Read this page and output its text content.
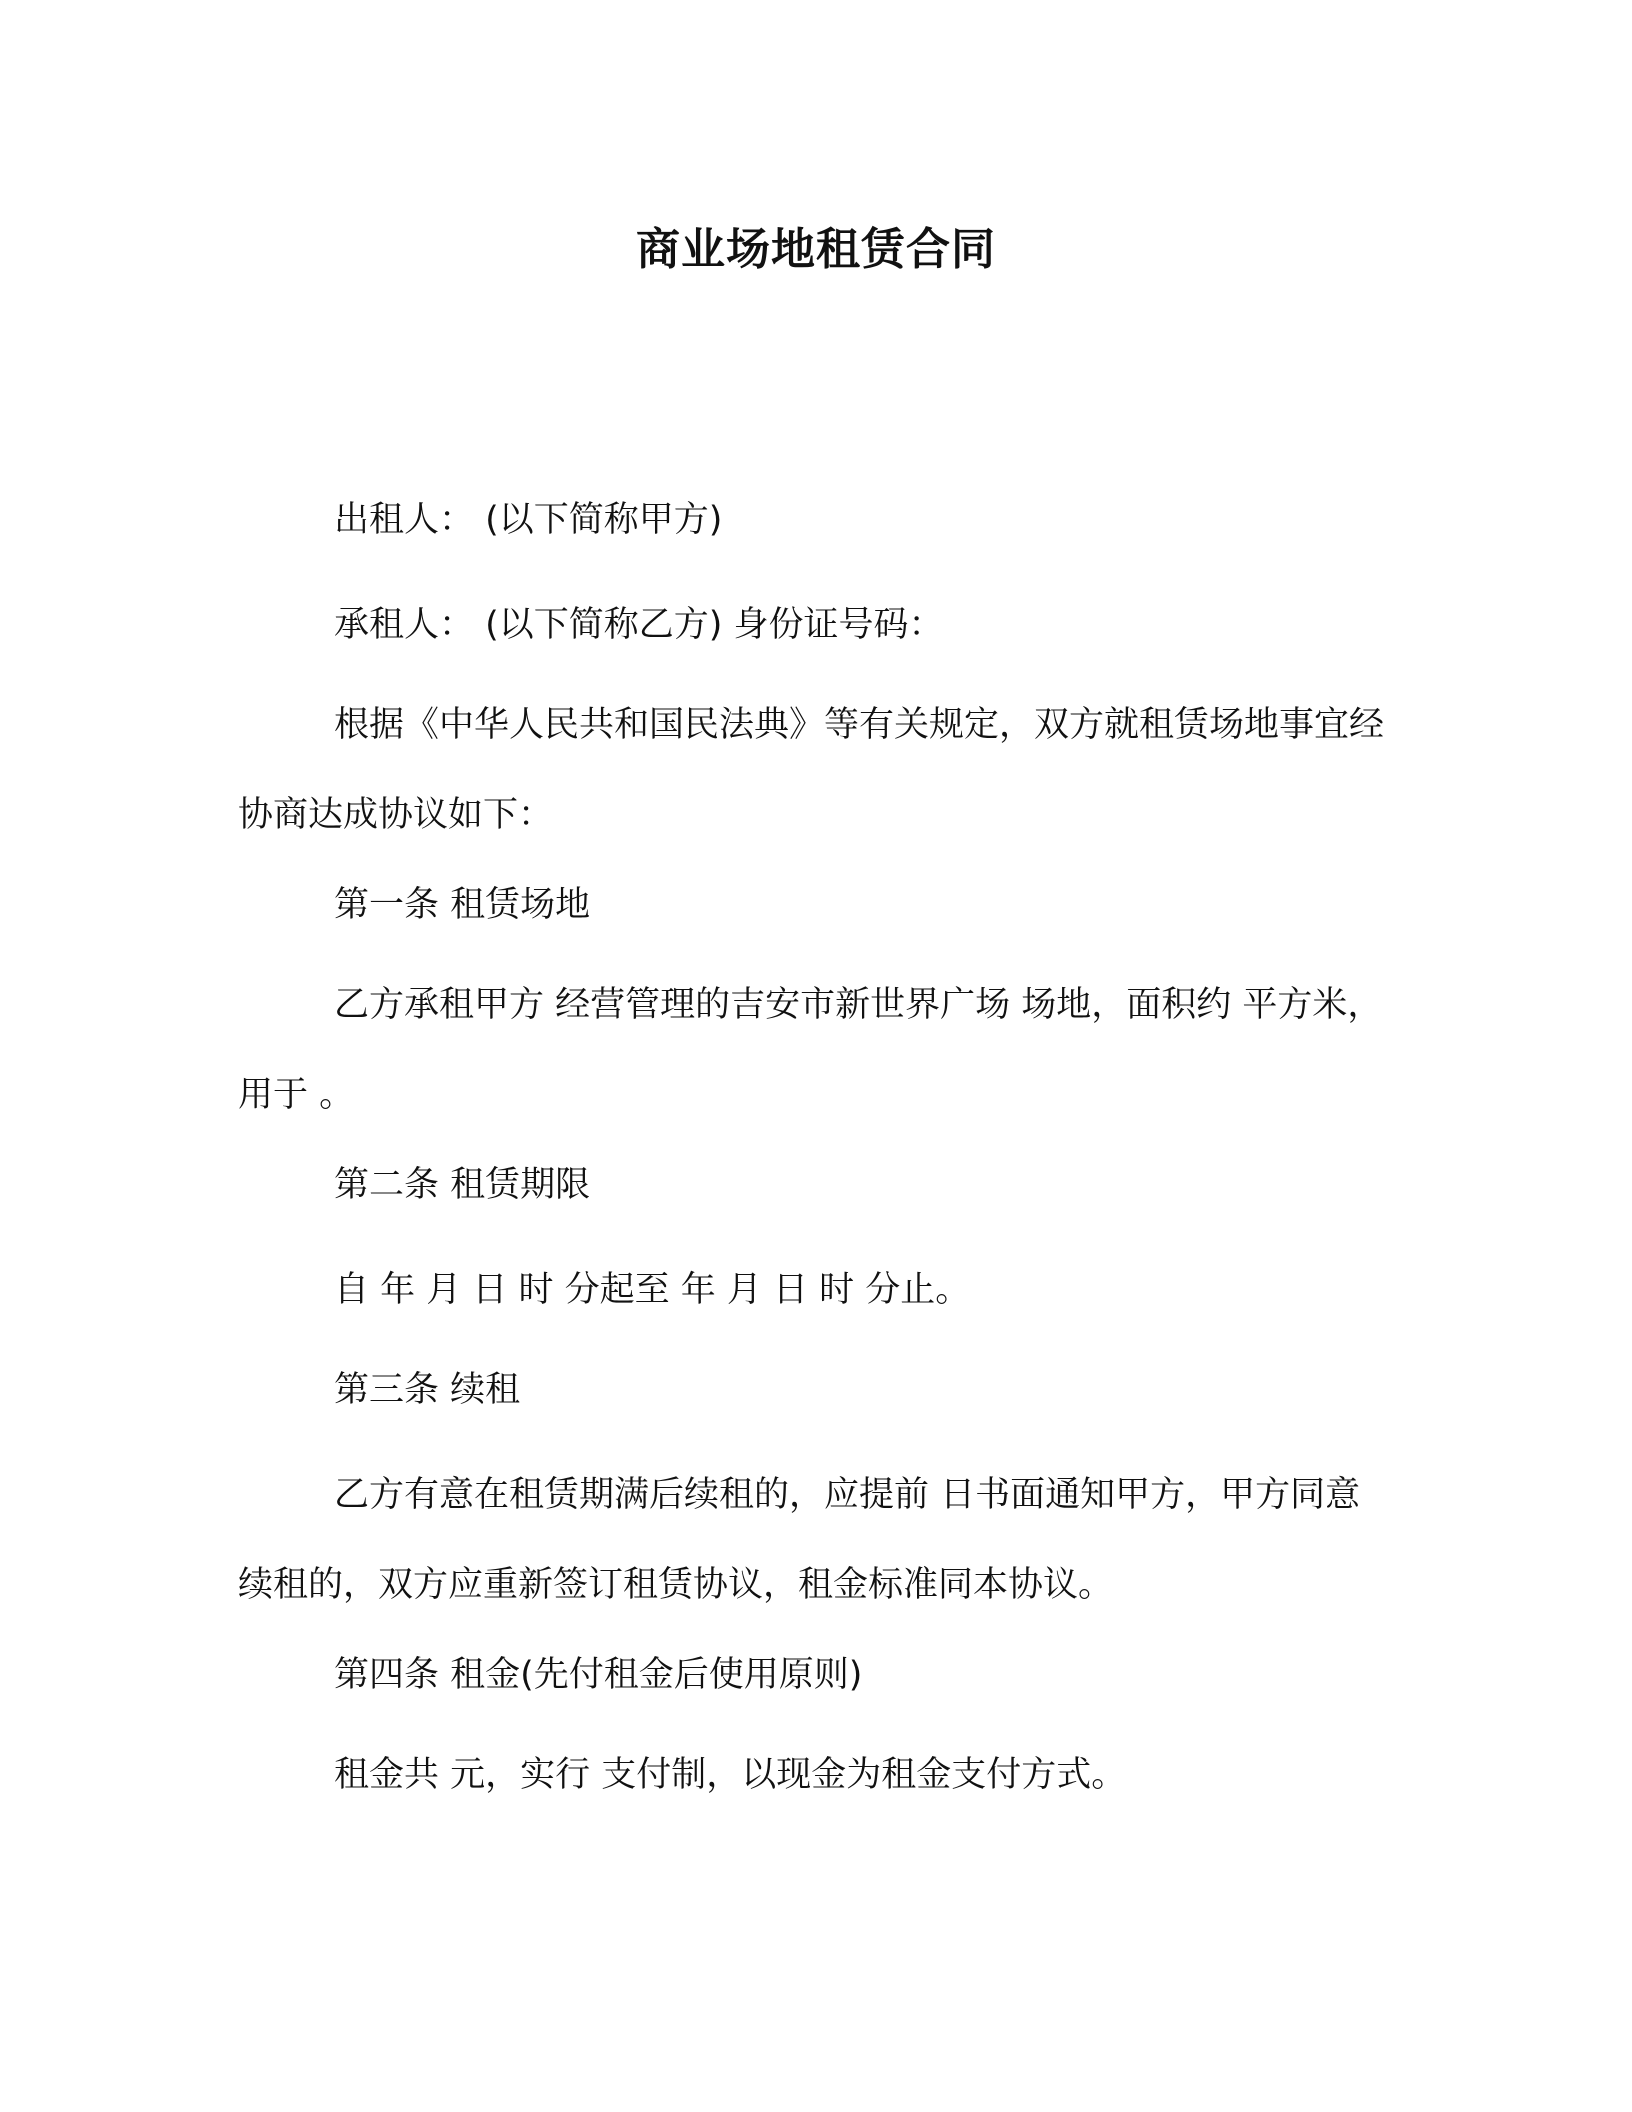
商业场地租赁合同

出租人： (以下简称甲方)

承租人： (以下简称乙方) 身份证号码：

根据《中华人民共和国民法典》等有关规定，双方就租赁场地事宜经协商达成协议如下：

第一条 租赁场地

乙方承租甲方 经营管理的吉安市新世界广场 场地，面积约 平方米，用于 。

第二条 租赁期限

自 年 月 日 时 分起至 年 月 日 时 分止。

第三条 续租

乙方有意在租赁期满后续租的，应提前 日书面通知甲方，甲方同意续租的，双方应重新签订租赁协议，租金标准同本协议。

第四条 租金(先付租金后使用原则)

租金共 元，实行 支付制，以现金为租金支付方式。
